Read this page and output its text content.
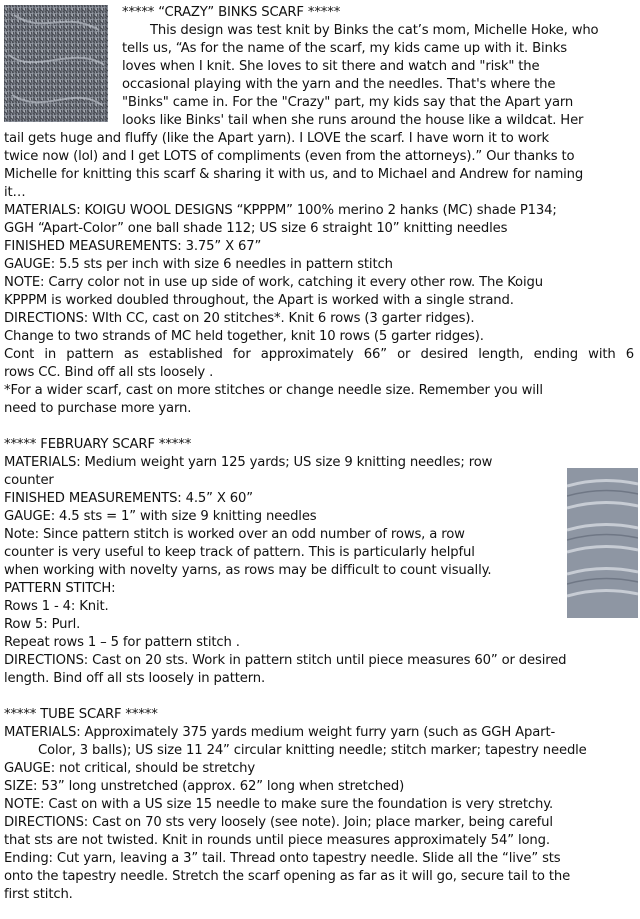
***** “CRAZY” BINKS SCARF *****

This design was test knit by Binks the cat’s mom, Michelle Hoke, who

tells us, “As for the name of the scarf, my kids came up with it. Binks

loves when I knit. She loves to sit there and watch and "risk" the

occasional playing with the yarn and the needles. That's where the

"Binks" came in. For the "Crazy" part, my kids say that the Apart yarn

looks like Binks' tail when she runs around the house like a wildcat. Her

tail gets huge and fluffy (like the Apart yarn). I LOVE the scarf. I have worn it to work

twice now (lol) and I get LOTS of compliments (even from the attorneys).” Our thanks to

Michelle for knitting this scarf & sharing it with us, and to Michael and Andrew for naming

it…

MATERIALS: KOIGU WOOL DESIGNS “KPPPM” 100% merino 2 hanks (MC) shade P134;

GGH “Apart-Color” one ball shade 112; US size 6 straight 10” knitting needles

FINISHED MEASUREMENTS: 3.75” X 67”

GAUGE: 5.5 sts per inch with size 6 needles in pattern stitch

NOTE: Carry color not in use up side of work, catching it every other row. The Koigu

KPPPM is worked doubled throughout, the Apart is worked with a single strand.

DIRECTIONS: WIth CC, cast on 20 stitches*. Knit 6 rows (3 garter ridges).

Change to two strands of MC held together, knit 10 rows (5 garter ridges).

Cont in pattern as established for approximately 66” or desired length, ending with 6

rows CC. Bind off all sts loosely .

*For a wider scarf, cast on more stitches or change needle size. Remember you will

need to purchase more yarn.

***** FEBRUARY SCARF *****

MATERIALS: Medium weight yarn 125 yards; US size 9 knitting needles; row

counter

FINISHED MEASUREMENTS: 4.5” X 60”

GAUGE: 4.5 sts = 1” with size 9 knitting needles

Note: Since pattern stitch is worked over an odd number of rows, a row

counter is very useful to keep track of pattern. This is particularly helpful

when working with novelty yarns, as rows may be difficult to count visually.

PATTERN STITCH:

Rows 1 - 4: Knit.

Row 5: Purl.

Repeat rows 1 – 5 for pattern stitch .

DIRECTIONS: Cast on 20 sts. Work in pattern stitch until piece measures 60” or desired

length. Bind off all sts loosely in pattern.

***** TUBE SCARF *****

MATERIALS: Approximately 375 yards medium weight furry yarn (such as GGH Apart-

Color, 3 balls); US size 11 24” circular knitting needle; stitch marker; tapestry needle

GAUGE: not critical, should be stretchy

SIZE: 53” long unstretched (approx. 62” long when stretched)

NOTE: Cast on with a US size 15 needle to make sure the foundation is very stretchy.

DIRECTIONS: Cast on 70 sts very loosely (see note). Join; place marker, being careful

that sts are not twisted. Knit in rounds until piece measures approximately 54” long.

Ending: Cut yarn, leaving a 3” tail. Thread onto tapestry needle. Slide all the “live” sts

onto the tapestry needle. Stretch the scarf opening as far as it will go, secure tail to the

first stitch.
